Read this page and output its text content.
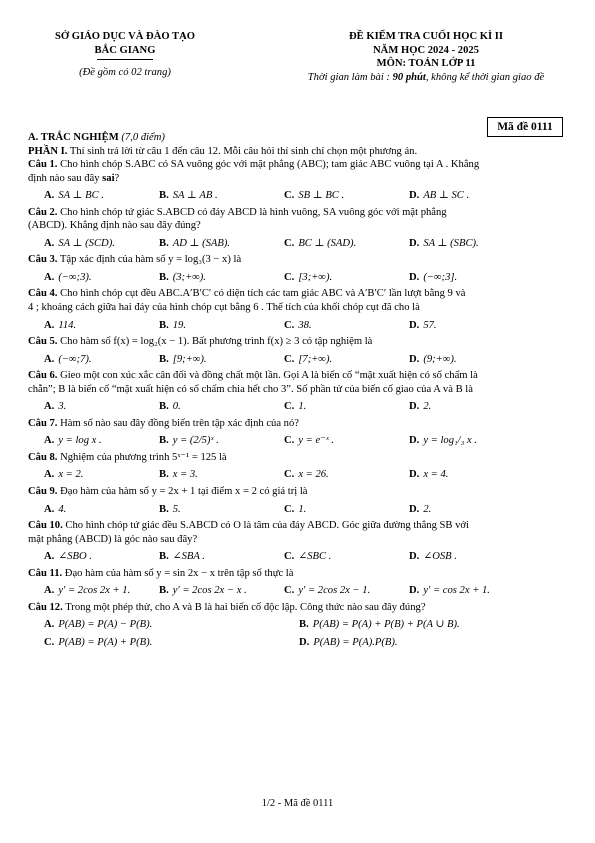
SỞ GIÁO DỤC VÀ ĐÀO TẠO
BẮC GIANG
(Đề gồm có 02 trang)
ĐỀ KIỂM TRA CUỐI HỌC KÌ II
NĂM HỌC 2024 - 2025
MÔN: TOÁN LỚP 11
Thời gian làm bài : 90 phút, không kể thời gian giao đề
Mã đề 0111
A. TRẮC NGHIỆM (7,0 điểm)
PHẦN I. Thí sinh trả lời từ câu 1 đến câu 12. Mỗi câu hỏi thí sinh chỉ chọn một phương án.
Câu 1. Cho hình chóp S.ABC có SA vuông góc với mặt phẳng (ABC); tam giác ABC vuông tại A . Khẳng
định nào sau đây sai?
A. SA ⊥ BC .	B. SA ⊥ AB .	C. SB ⊥ BC .	D. AB ⊥ SC .
Câu 2. Cho hình chóp tứ giác S.ABCD có đáy ABCD là hình vuông, SA vuông góc với mặt phẳng
(ABCD). Khẳng định nào sau đây đúng?
A. SA ⊥ (SCD).	B. AD ⊥ (SAB).	C. BC ⊥ (SAD).	D. SA ⊥ (SBC).
Câu 3. Tập xác định của hàm số y = log₃(3 − x) là
A. (−∞;3).	B. (3;+∞).	C. [3;+∞).	D. (−∞;3].
Câu 4. Cho hình chóp cụt đều ABC.A′B′C′ có diện tích các tam giác ABC và A′B′C′ lần lượt bằng 9 và
4 ; khoảng cách giữa hai đáy của hình chóp cụt bằng 6 . Thể tích của khối chóp cụt đã cho là
A. 114.	B. 19.	C. 38.	D. 57.
Câu 5. Cho hàm số f(x) = log₂(x − 1). Bất phương trình f(x) ≥ 3 có tập nghiệm là
A. (−∞;7).	B. [9;+∞).	C. [7;+∞).	D. (9;+∞).
Câu 6. Gieo một con xúc xắc cân đối và đồng chất một lần. Gọi A là biến cố “mặt xuất hiện có số chấm là
chẵn”; B là biến cố “mặt xuất hiện có số chấm chia hết cho 3”. Số phần tử của biến cố giao của A và B là
A. 3.	B. 0.	C. 1.	D. 2.
Câu 7. Hàm số nào sau đây đồng biến trên tập xác định của nó?
A. y = log x .	B. y = (2/5)ˣ .	C. y = e⁻ˣ .	D. y = log₁/₃ x .
Câu 8. Nghiệm của phương trình 5ˣ⁻¹ = 125 là
A. x = 2.	B. x = 3.	C. x = 26.	D. x = 4.
Câu 9. Đạo hàm của hàm số y = 2x + 1 tại điểm x = 2 có giá trị là
A. 4.	B. 5.	C. 1.	D. 2.
Câu 10. Cho hình chóp tứ giác đều S.ABCD có O là tâm của đáy ABCD. Góc giữa đường thẳng SB với
mặt phẳng (ABCD) là góc nào sau đây?
A. ∠SBO .	B. ∠SBA .	C. ∠SBC .	D. ∠OSB .
Câu 11. Đạo hàm của hàm số y = sin 2x − x trên tập số thực là
A. y′ = 2cos 2x + 1.	B. y′ = 2cos 2x − x .	C. y′ = 2cos 2x − 1.	D. y′ = cos 2x + 1.
Câu 12. Trong một phép thử, cho A và B là hai biến cố độc lập. Công thức nào sau đây đúng?
A. P(AB) = P(A) − P(B).	B. P(AB) = P(A) + P(B) + P(A ∪ B).
C. P(AB) = P(A) + P(B).	D. P(AB) = P(A).P(B).
1/2 - Mã đề 0111
